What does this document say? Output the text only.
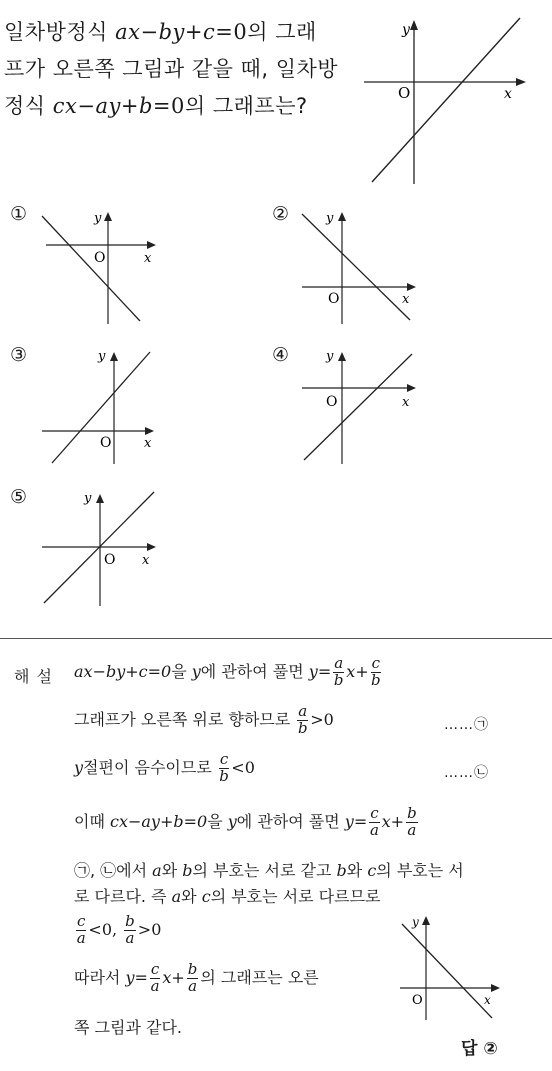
일차방정식 ax−by+c=0의 그래
프가 오른쪽 그림과 같을 때, 일차방
정식 cx−ay+b=0의 그래프는?
y
O	x
①	y
O	x
②	y
O	x
③	y
O	x
④	y
O	x
⑤	y
O x
해 설 ax−by+c=0을 y에 관하여 풀면 $y= \frac{a}{b} x+ \frac{c}{b}$
그래프가 오른쪽 위로 향하므로 $\frac{a}{b} >0$	……㉠
y절편이 음수이므로 $\frac{c}{b} <0$	……㉡
이때 cx−ay+b=0을 y에 관하여 풀면 $y= \frac{c}{a} x+ \frac{b}{a}$
㉠, ㉡에서 a와 b의 부호는 서로 같고 b와 c의 부호는 서
로 다르다. 즉 a와 c의 부호는 서로 다르므로
$\frac{c}{a} <0$, $\frac{b}{a} >0$
따라서 $y= \frac{c}{a} x+ \frac{b}{a}$ 의 그래프는 오른
쪽 그림과 같다.
y
O	x
답 ②
